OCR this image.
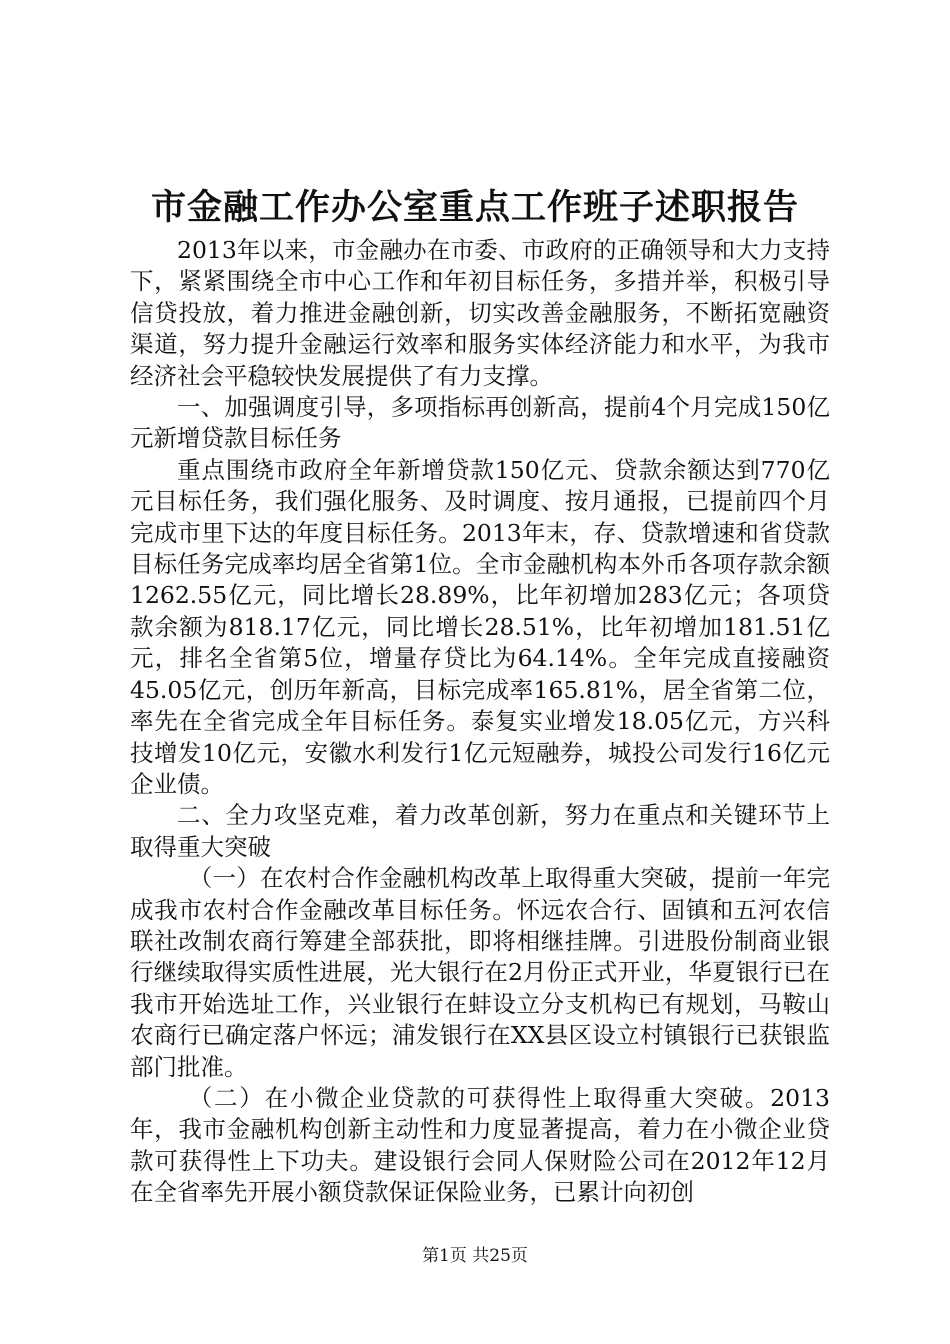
市金融工作办公室重点工作班子述职报告

2013年以来，市金融办在市委、市政府的正确领导和大力支持下，紧紧围绕全市中心工作和年初目标任务，多措并举，积极引导信贷投放，着力推进金融创新，切实改善金融服务，不断拓宽融资渠道，努力提升金融运行效率和服务实体经济能力和水平，为我市经济社会平稳较快发展提供了有力支撑。

一、加强调度引导，多项指标再创新高，提前4个月完成150亿元新增贷款目标任务

重点围绕市政府全年新增贷款150亿元、贷款余额达到770亿元目标任务，我们强化服务、及时调度、按月通报，已提前四个月完成市里下达的年度目标任务。2013年末，存、贷款增速和省贷款目标任务完成率均居全省第1位。全市金融机构本外币各项存款余额1262.55亿元，同比增长28.89%，比年初增加283亿元；各项贷款余额为818.17亿元，同比增长28.51%，比年初增加181.51亿元，排名全省第5位，增量存贷比为64.14%。全年完成直接融资45.05亿元，创历年新高，目标完成率165.81%，居全省第二位，率先在全省完成全年目标任务。泰复实业增发18.05亿元，方兴科技增发10亿元，安徽水利发行1亿元短融券，城投公司发行16亿元企业债。

二、全力攻坚克难，着力改革创新，努力在重点和关键环节上取得重大突破

（一）在农村合作金融机构改革上取得重大突破，提前一年完成我市农村合作金融改革目标任务。怀远农合行、固镇和五河农信联社改制农商行筹建全部获批，即将相继挂牌。引进股份制商业银行继续取得实质性进展，光大银行在2月份正式开业，华夏银行已在我市开始选址工作，兴业银行在蚌设立分支机构已有规划，马鞍山农商行已确定落户怀远；浦发银行在XX县区设立村镇银行已获银监部门批准。

（二）在小微企业贷款的可获得性上取得重大突破。2013年，我市金融机构创新主动性和力度显著提高，着力在小微企业贷款可获得性上下功夫。建设银行会同人保财险公司在2012年12月在全省率先开展小额贷款保证保险业务，已累计向初创

第1页 共25页
